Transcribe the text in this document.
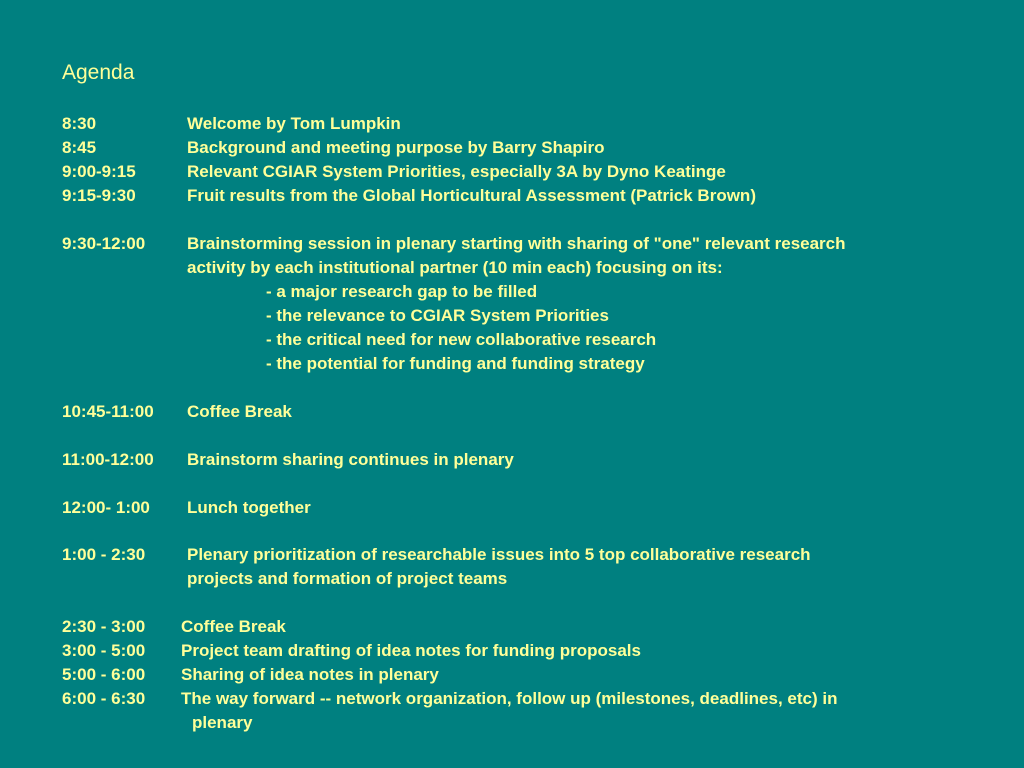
Agenda
8:30	Welcome by Tom Lumpkin
8:45	Background and meeting purpose by Barry Shapiro
9:00-9:15	Relevant CGIAR System Priorities, especially 3A by Dyno Keatinge
9:15-9:30	Fruit results from the Global Horticultural Assessment (Patrick Brown)
9:30-12:00 Brainstorming session in plenary starting with sharing of "one" relevant research
activity by each institutional partner (10 min each) focusing on its:
- a major research gap to be filled
- the relevance to CGIAR System Priorities
- the critical need for new collaborative research
- the potential for funding and funding strategy
10:45-11:00 Coffee Break
11:00-12:00 Brainstorm sharing continues in plenary
12:00- 1:00 Lunch together
1:00 - 2:30 Plenary prioritization of researchable issues into 5 top collaborative research
projects and formation of project teams
2:30 - 3:00 Coffee Break
3:00 - 5:00 Project team drafting of idea notes for funding proposals
5:00 - 6:00 Sharing of idea notes in plenary
6:00 - 6:30 The way forward -- network organization, follow up (milestones, deadlines, etc) in
plenary
